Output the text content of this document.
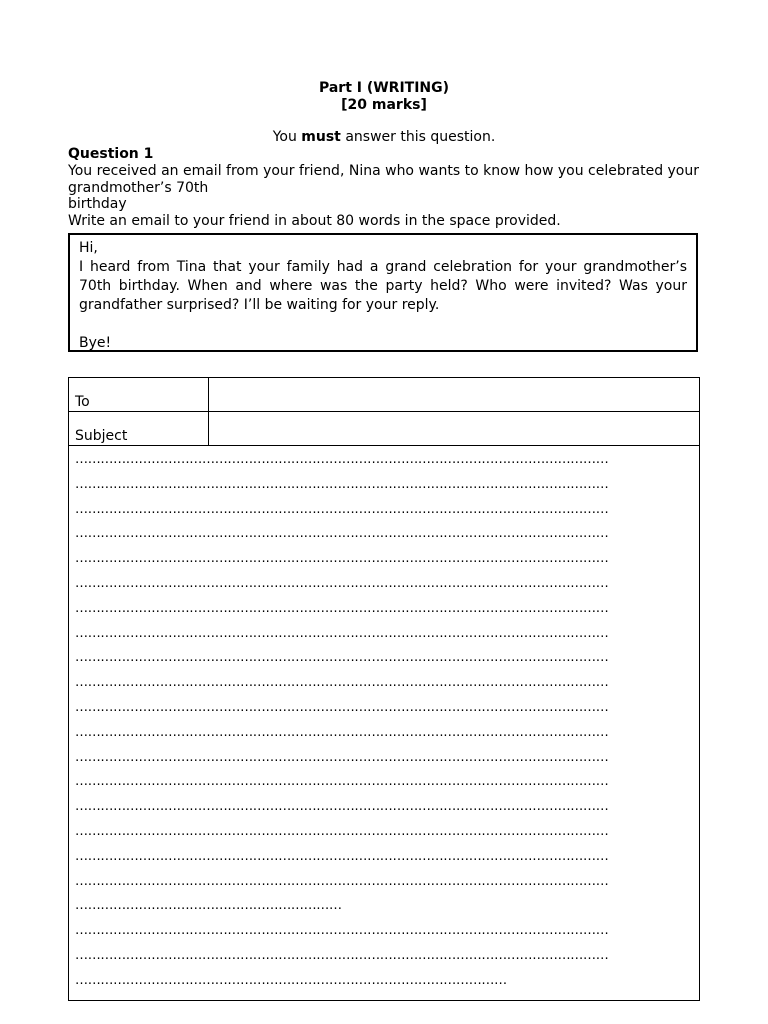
Part I (WRITING)
[20 marks]
You must answer this question.
Question 1
You received an email from your friend, Nina who wants to know how you celebrated your grandmother’s 70th
birthday
Write an email to your friend in about 80 words in the space provided.
Hi,
I heard from Tina that your family had a grand celebration for your grandmother’s 70th birthday. When and where was the party held? Who were invited? Was your grandfather surprised? I’ll be waiting for your reply.

Bye!
To
Subject
………………………………………………………………………………………………………………
………………………………………………………………………………………………………………
………………………………………………………………………………………………………………
………………………………………………………………………………………………………………
………………………………………………………………………………………………………………
………………………………………………………………………………………………………………
………………………………………………………………………………………………………………
………………………………………………………………………………………………………………
………………………………………………………………………………………………………………
………………………………………………………………………………………………………………
………………………………………………………………………………………………………………
………………………………………………………………………………………………………………
………………………………………………………………………………………………………………
………………………………………………………………………………………………………………
………………………………………………………………………………………………………………
………………………………………………………………………………………………………………
………………………………………………………………………………………………………………
………………………………………………………………………………………………………………
………………………………………………………
………………………………………………………………………………………………………………
………………………………………………………………………………………………………………
…………………………………………………………………………………………
